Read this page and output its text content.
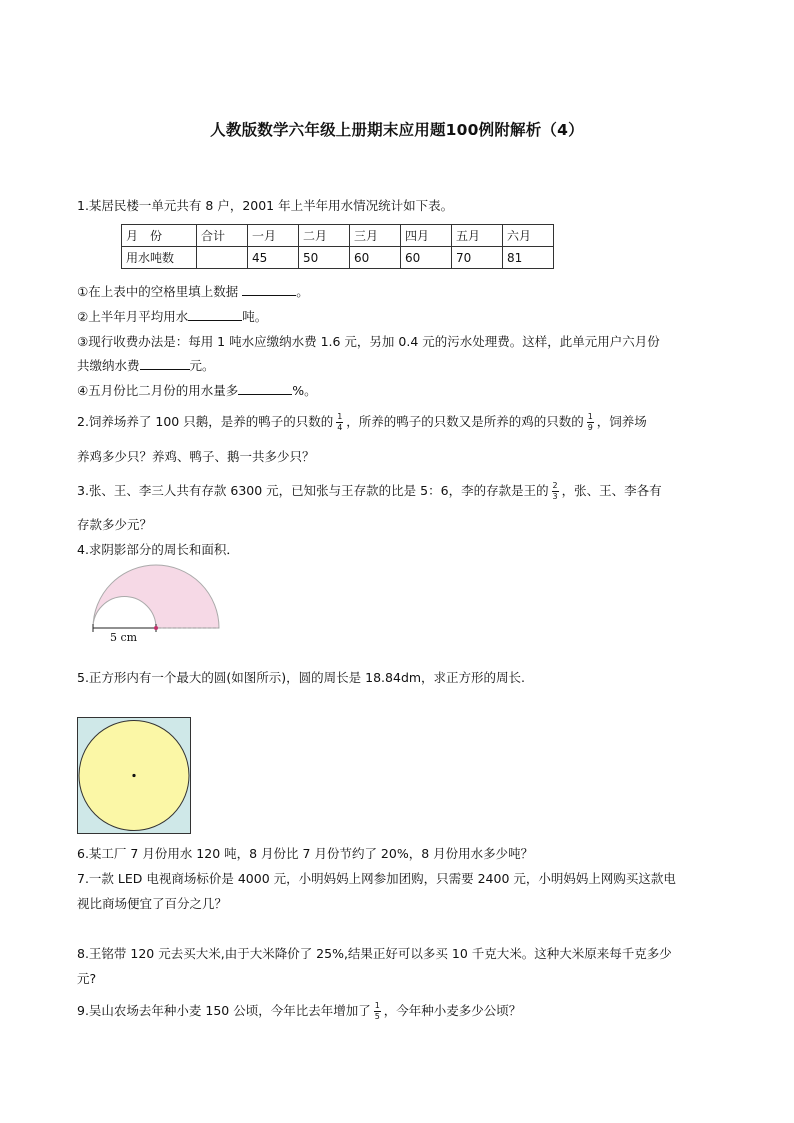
人教版数学六年级上册期末应用题100例附解析（4）
1.某居民楼一单元共有 8 户，2001 年上半年用水情况统计如下表。
月　份	合计	一月	二月	三月	四月	五月	六月
用水吨数		45	50	60	60	70	81
①在上表中的空格里填上数据	。
②上半年月平均用水	吨。
③现行收费办法是：每用 1 吨水应缴纳水费 1.6 元，另加 0.4 元的污水处理费。这样，此单元用户六月份
共缴纳水费	元。
④五月份比二月份的用水量多	%。
2.饲养场养了 100 只鹅，是养的鸭子的只数的 $\frac{1}{4}$ ，所养的鸭子的只数又是所养的鸡的只数的 $\frac{1}{9}$ ，饲养场
养鸡多少只？养鸡、鸭子、鹅一共多少只？
3.张、王、李三人共有存款 6300 元，已知张与王存款的比是 5：6，李的存款是王的 $\frac{2}{3}$ ，张、王、李各有
存款多少元？
4.求阴影部分的周长和面积．
5 cm
5.正方形内有一个最大的圆(如图所示)，圆的周长是 18.84dm，求正方形的周长.
6.某工厂 7 月份用水 120 吨，8 月份比 7 月份节约了 20%，8 月份用水多少吨？
7.一款 LED 电视商场标价是 4000 元，小明妈妈上网参加团购，只需要 2400 元，小明妈妈上网购买这款电
视比商场便宜了百分之几？
8.王铭带 120 元去买大米,由于大米降价了 25%,结果正好可以多买 10 千克大米。这种大米原来每千克多少
元?
9.吴山农场去年种小麦 150 公顷，今年比去年增加了 $\frac{1}{5}$ ，今年种小麦多少公顷？
